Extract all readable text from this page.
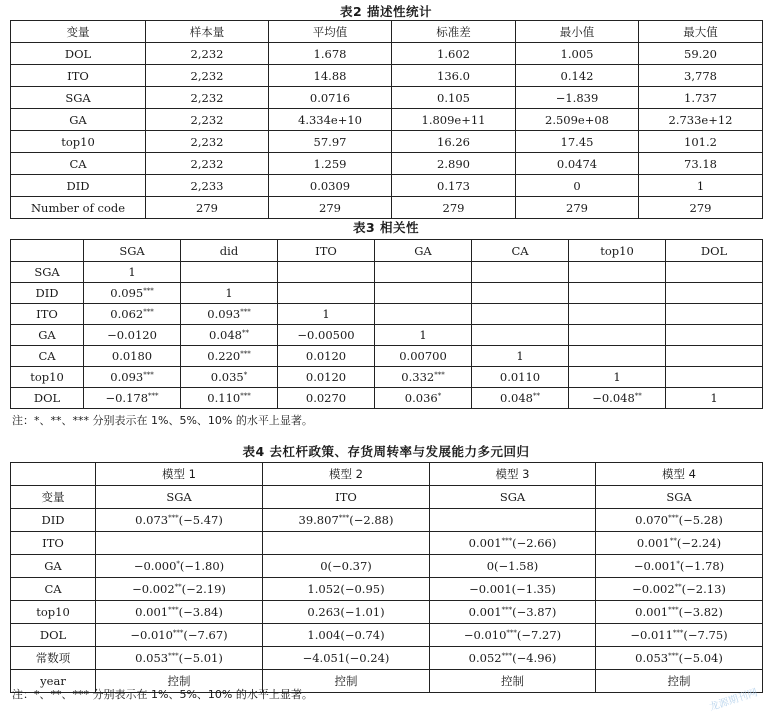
表2 描述性统计
变量	样本量	平均值	标准差	最小值	最大值
DOL	2,232	1.678	1.602	1.005	59.20
ITO	2,232	14.88	136.0	0.142	3,778
SGA	2,232	0.0716	0.105	−1.839	1.737
GA	2,232	4.334e+10	1.809e+11	2.509e+08	2.733e+12
top10	2,232	57.97	16.26	17.45	101.2
CA	2,232	1.259	2.890	0.0474	73.18
DID	2,233	0.0309	0.173	0	1
Number of code	279	279	279	279	279
表3 相关性
	SGA	did	ITO	GA	CA	top10	DOL
SGA	1						
DID	0.095***	1					
ITO	0.062***	0.093***	1				
GA	−0.0120	0.048**	−0.00500	1			
CA	0.0180	0.220***	0.0120	0.00700	1		
top10	0.093***	0.035*	0.0120	0.332***	0.0110	1	
DOL	−0.178***	0.110***	0.0270	0.036*	0.048**	−0.048**	1
注：*、**、*** 分别表示在 1%、5%、10% 的水平上显著。
表4 去杠杆政策、存货周转率与发展能力多元回归
	模型 1	模型 2	模型 3	模型 4
变量	SGA	ITO	SGA	SGA
DID	0.073***(−5.47)	39.807***(−2.88)		0.070***(−5.28)
ITO			0.001***(−2.66)	0.001**(−2.24)
GA	−0.000*(−1.80)	0(−0.37)	0(−1.58)	−0.001*(−1.78)
CA	−0.002**(−2.19)	1.052(−0.95)	−0.001(−1.35)	−0.002**(−2.13)
top10	0.001***(−3.84)	0.263(−1.01)	0.001***(−3.87)	0.001***(−3.82)
DOL	−0.010***(−7.67)	1.004(−0.74)	−0.010***(−7.27)	−0.011***(−7.75)
常数项	0.053***(−5.01)	−4.051(−0.24)	0.052***(−4.96)	0.053***(−5.04)
year	控制	控制	控制	控制
注：*、**、*** 分别表示在 1%、5%、10% 的水平上显著。	龙源期刊网
